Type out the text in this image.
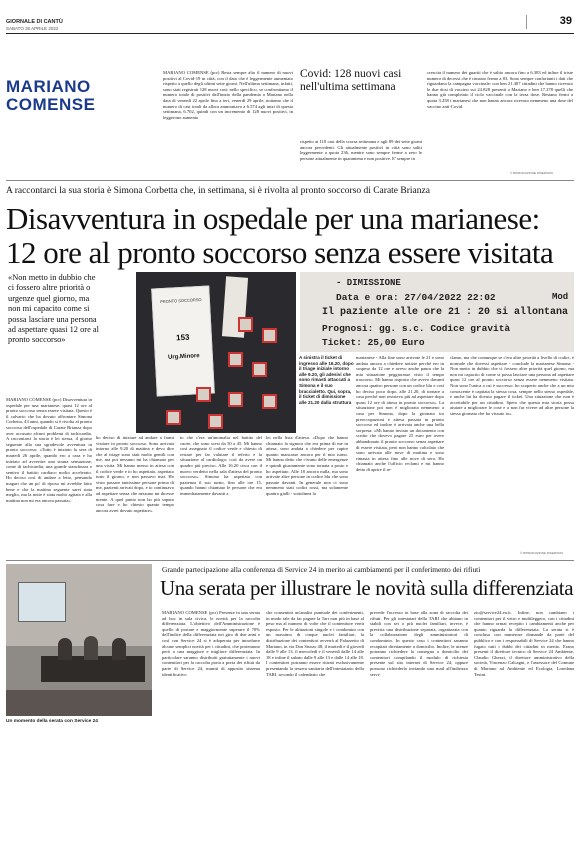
GIORNALE DI CANTÙ
SABATO 30 APRILE 2022
39
MARIANO
COMENSE
MARIANO COMENSE (pcr) Resta sempre alto il numero di nuovi positivi al Covid-19 in città, con il dato che è leggermente aumentato rispetto a quello degli ultimi sette giorni. Nell'ultima settimana, infatti, sono stati registrati 128 nuovi casi: nello specifico, se confrontiamo il numero totale di positivi dall'inizio della pandemia a Mariano nella data di venerdì 22 aprile fino a ieri, venerdì 29 aprile, notiamo che il numero di casi totali da allora ammontava a 6.574 agli inizi di questa settimana, 6.702, quindi con un incremento di 128 nuovi positivi, in leggerono aumento
Covid: 128 nuovi casi nell'ultima settimana
rispetto ai 110 casi della scorsa settimana e agli 89 dei sette giorni ancora precedenti. Gli attualmente positivi in città sono saliti leggermente a quota 236, mentre sono sempre ferme a zero le persone attualmente in quarantena e non positive. E' sempre in
crescita il numero dei guariti che è salito ancora fino a 6.383 ed infine il triste numero di decessi che è rimasto fermo a 83. Sono sempre confortanti i dati che riguardano la campagna vaccinale: con ben 21.407 cittadini che hanno ricevuto le due dosi di vaccino sui 24.828 presenti a Mariano e ben 17.278 quelli che hanno già completato il ciclo vaccinale con la terza dose. Restano fermi a quota 3.258 i marianesi che non hanno ancora ricevuto nemmeno una dose del vaccino anti-Covid.
© RIPRODUZIONE RISERVATA
A raccontarci la sua storia è Simona Corbetta che, in settimana, si è rivolta al pronto soccorso di Carate Brianza
Disavventura in ospedale per una marianese:
12 ore al pronto soccorso senza essere visitata
«Non metto in dubbio che ci fossero altre priorità o urgenze quel giorno, ma non mi capacito come si possa lasciare una persona ad aspettare quasi 12 ore al pronto soccorso»
PRONTO SOCCORSO
153
Urg.Minore	A sinistra il ticket di ingresso alle 16.20, dopo il triage iniziale intorno alle 9.20, gli adesivi che sono rimasti attaccati a Simona e il suo braccialetto. Qui, sopra, il ticket di dimissione alle 21.20 dalla struttura
- DIMISSIONE
Data e ora: 27/04/2022 22:02	Mod
Il paziente alle ore 21 : 20 si allontana
Prognosi: gg. s.c. Codice gravità
Ticket: 25,00 Euro
MARIANO COMENSE (pcr) Disavventura in ospedale per una marianese: quasi 12 ore al pronto soccorso senza essere visitata. Questo è il calvario che ha dovuto affrontare Simona Corbetta, 43 anni, quando si è rivolta al pronto soccorso dell'ospedale di Carate Brianza dopo aver accusato alcuni problemi di tachicardia. A raccontarci la storia è lei stessa, il giorno seguente alla sua sgradevole avventura in pronto soccorso: «Tutto è iniziato la sera di martedì 26 aprile, quando ero a casa e ho iniziato ad avvertire una strana sensazione, come di tachicardia, una grande stanchezza e sentivo il battito cardiaco molto accelerato. Ho deciso così di andare a letto, pensando magari che un po' di riposo mi avrebbe fatto bene e che la mattina seguente sarei stata meglio, ma la notte è stata molto agitata e alla mattina non mi era ancora passata».
ho deciso di iniziare ad andare a farmi visitare in pronto soccorso. Sono arrivata intorno alle 9.20 di mattina e devo dire che al triage sono stati molto gentili con me, ma poi nessuno mi ha chiamato per una visita. Mi hanno messo in attesa con il codice verde e io ho aspettato, aspettato tutto il giorno, e non passavo mai. Ho visto passare tantissime persone prima di me, pazienti arrivati dopo, e io continuavo ad aspettare senza che nessuno mi dicesse niente. A quel punto non ho più saputo cosa fare e ho chiesto quanto tempo ancora avrei dovuto aspettare».
to che c'era un'anomalia nel battito del cuore, che sono scesi da 50 a 45. Mi hanno così assegnato il codice verde e chiesto di restare per far valutare il referto e la situazione al cardiologo; così da avere un quadro più preciso. Alle 16.20 circa con il nuovo verdetto nella sala d'attesa del pronto soccorso». Simona ha aspettato con pazienza il suo turno, fino alle ore 15, quando hanno chiamato le persone che era immediatamente davanti a
lei nella lista d'attesa. «Dopo che hanno chiamato la signora che era prima di me in attesa, sono andata a chiedere per capire quanto mancasse ancora per il mio turno. Mi hanno detto che c'erano delle emergenze e quindi giustamente sono tornata a posto e ho aspettato. Alle 18 ancora nulla, ma sono arrivate altre persone in codice blu che sono passate davanti. In generale non ci sono nemmeno stati codici rossi, ma solamente quattro gialli - sottolinea la
marianese - Alla fine sono arrivate le 21 e sono andata ancora a chiedere notizie perché ero in sospeso da 12 ore e avevo anche paura che la mia situazione peggiorasse visto il tempo trascorso. Mi hanno risposto che avevo davanti ancora quattro persone con un codice blu e così ho deciso poco dopo, alle 21.20, di tornare a casa perché non resistevo più ad aspettare dopo quasi 12 ore di attesa in pronto soccorso». La situazione poi non è migliorata nemmeno a casa per Simona, dopo la giornata tra preoccupazioni e attesa passata in pronto soccorso ed inoltre è arrivata anche una bella sorpresa: «Mi hanno inviato un documento con scritto che dovevo pagare 25 euro per avere abbandonato il pronto soccorso senza aspettare di essere visitata, però non hanno calcolato che sono arrivata alle nove di mattina e sono rimasta in attesa fino alle nove di sera. Ho chiamato anche l'ufficio reclami e mi hanno detto di aprire il re-
clamo, ma che comunque se c'era altre priorità a livello di codici, è normale che dovessi aspettare - conclude la marianese Simona - Non metto in dubbio che ci fossero altre priorità quel giorno, ma non mi capacito di come si possa lasciare una persona ad aspettare quasi 12 ore al pronto soccorso senza essere nemmeno visitata. Non sono l'unica a cui è successo: ho scoperto anche che a un mio conoscente è capitata la stessa cosa, sempre nello stesso ospedale, e anche lui ha dovuto pagare il ticket. Una situazione che non è accettabile per un cittadino. Spero che questa mia storia possa aiutare a migliorare le cose e a non far vivere ad altre persone la stessa giornata che ho vissuto io».
© RIPRODUZIONE RISERVATA
Un momento della serata con Service 24
Grande partecipazione alla conferenza di Service 24 in merito ai cambiamenti per il conferimento dei rifiuti
Una serata per illustrare le novità sulla differenziata
MARIANO COMENSE (pcr) Presente in una serata ad hoc in sala civica, le novità per la raccolta differenziata. L'obiettivo dell'Amministrazione è quello di portare e maggiormente superare il 70% dell'indice della differenziata nei giro di due anni e così con Service 24 si è adoperata per introdurre alcune semplici novità per i cittadini, che porteranno però a una maggiore e migliore differenziata. In particolare saranno distribuiti gratuitamente i nuovi contenitori per la raccolta porta a porta dei rifiuti da parte di Service 24, muniti di apposito sistema identificativo
che consentirà un'analisi puntuale dei conferimenti, in modo tale da far pagare la Tari non più in base al peso ma al numero di volte che il contenitore verrà esposto. Per le abitazioni singole e i condomini con un massimo di cinque nuclei familiari, la distribuzione dei contenitori avverrà al Palazzetto di Mariano, in via Don Sturzo 48, il martedì e il giovedì dalle 9 alle 13, il mercoledì e il venerdì dalle 14 alle 18 e infine il sabato dalle 9 alle 13 e dalle 14 alle 18. I contenitori potranno essere ritirati esclusivamente presentando la tessera sanitaria dell'intestatario della TARI, secondo il calendario che
prevede l'accesso in base alla zona di raccolta dei rifiuti. Per gli intestatari della TARI che abitano in stabili con sei o più nuclei familiari, invece, è prevista una distribuzione separata, organizzata con la collaborazione degli amministratori di condominio. In questo caso i contenitori saranno recapitati direttamente a domicilio. Inoltre, le utenze potranno richiedere la consegna a domicilio dei contenitori compilando il modulo di richiesta presente sul sito internet di Service 24, oppure possono richiederlo inviando una mail all'indirizzo servi-
zio@service24.eu.it. Infine, non cambiano i contenitori per il vetro e multileggero, con i cittadini che hanno ormai recepito i cambiamenti anche per quanto riguarda la differenziata. La serata si è conclusa con numerose domande da parte del pubblico e con i responsabili di Service 24 che hanno fugato tutti i dubbi dei cittadini in merito. Erano presenti il direttore tecnico di Service 24 Ambiente, Claudio Ghezzi, il direttore amministrativo della società, Vincenzo Calcagni, e l'assessore del Comune di Mariano ad Ambiente ed Ecologia, Loredana Tesini.
